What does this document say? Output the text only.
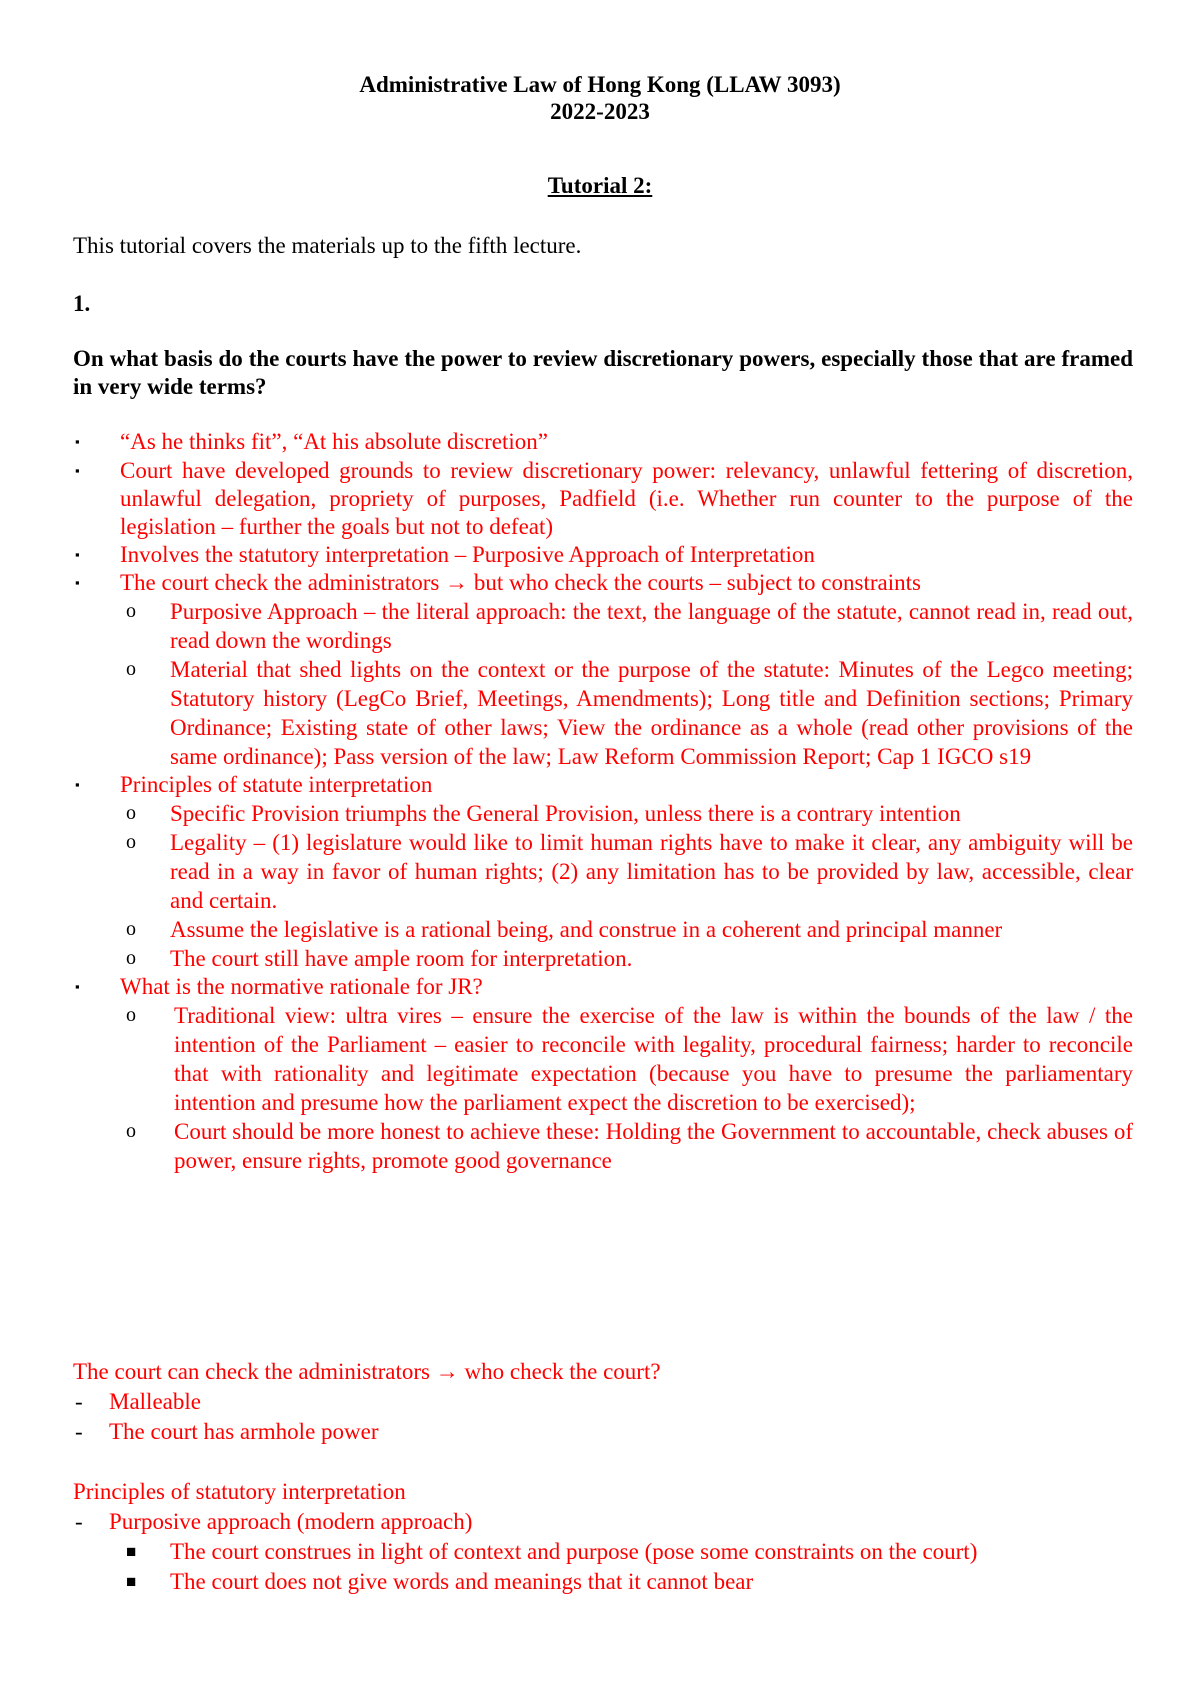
Administrative Law of Hong Kong (LLAW 3093)
2022-2023
Tutorial 2:
This tutorial covers the materials up to the fifth lecture.
1.
On what basis do the courts have the power to review discretionary powers, especially those that are framed in very wide terms?
▪ “As he thinks fit”, “At his absolute discretion”
▪ Court have developed grounds to review discretionary power: relevancy, unlawful fettering of discretion, unlawful delegation, propriety of purposes, Padfield (i.e. Whether run counter to the purpose of the legislation – further the goals but not to defeat)
▪ Involves the statutory interpretation – Purposive Approach of Interpretation
▪ The court check the administrators → but who check the courts – subject to constraints
o Purposive Approach – the literal approach: the text, the language of the statute, cannot read in, read out, read down the wordings
o Material that shed lights on the context or the purpose of the statute: Minutes of the Legco meeting; Statutory history (LegCo Brief, Meetings, Amendments); Long title and Definition sections; Primary Ordinance; Existing state of other laws; View the ordinance as a whole (read other provisions of the same ordinance); Pass version of the law; Law Reform Commission Report; Cap 1 IGCO s19
▪ Principles of statute interpretation
o Specific Provision triumphs the General Provision, unless there is a contrary intention
o Legality – (1) legislature would like to limit human rights have to make it clear, any ambiguity will be read in a way in favor of human rights; (2) any limitation has to be provided by law, accessible, clear and certain.
o Assume the legislative is a rational being, and construe in a coherent and principal manner
o The court still have ample room for interpretation.
▪ What is the normative rationale for JR?
o Traditional view: ultra vires – ensure the exercise of the law is within the bounds of the law / the intention of the Parliament – easier to reconcile with legality, procedural fairness; harder to reconcile that with rationality and legitimate expectation (because you have to presume the parliamentary intention and presume how the parliament expect the discretion to be exercised);
o Court should be more honest to achieve these: Holding the Government to accountable, check abuses of power, ensure rights, promote good governance
The court can check the administrators → who check the court?
- Malleable
- The court has armhole power
Principles of statutory interpretation
- Purposive approach (modern approach)
■ The court construes in light of context and purpose (pose some constraints on the court)
■ The court does not give words and meanings that it cannot bear
